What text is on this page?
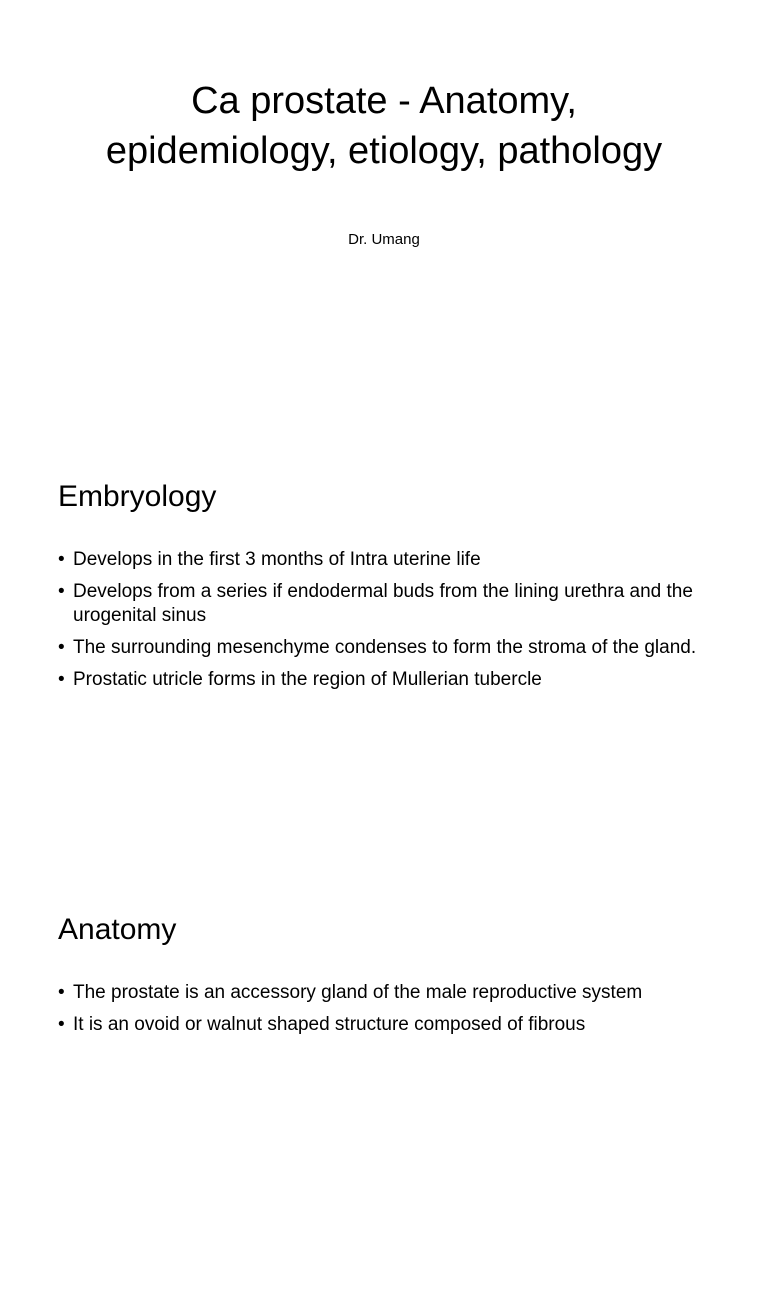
Ca prostate - Anatomy, epidemiology, etiology, pathology

Dr. Umang

Embryology
• Develops in the first 3 months of Intra uterine life
• Develops from a series if endodermal buds from the lining urethra and the urogenital sinus
• The surrounding mesenchyme condenses to form the stroma of the gland.
• Prostatic utricle forms in the region of Mullerian tubercle
Anatomy
• The prostate is an accessory gland of the male reproductive system
• It is an ovoid or walnut shaped structure composed of fibrous
